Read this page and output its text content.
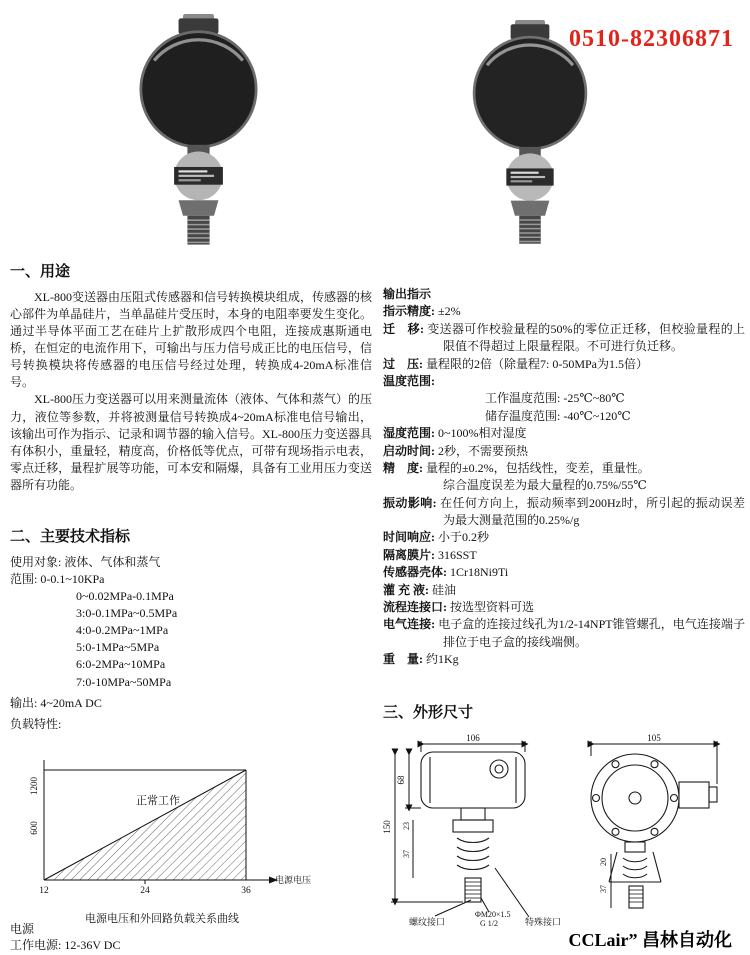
0510-82306871
一、用途

XL-800变送器由压阻式传感器和信号转换模块组成，传感器的核心部件为单晶硅片，当单晶硅片受压时，本身的电阻率要发生变化。通过半导体平面工艺在硅片上扩散形成四个电阻，连接成惠斯通电桥，在恒定的电流作用下，可输出与压力信号成正比的电压信号，信号转换模块将传感器的电压信号经过处理，转换成4-20mA标准信号。

XL-800压力变送器可以用来测量流体（液体、气体和蒸气）的压力，液位等参数，并将被测量信号转换成4~20mA标准电信号输出，该输出可作为指示、记录和调节器的输入信号。XL-800压力变送器具有体积小，重量轻，精度高，价格低等优点，可带有现场指示电表，零点迁移，量程扩展等功能，可本安和隔爆，具备有工业用压力变送器所有功能。

二、主要技术指标
使用对象: 液体、气体和蒸气
范围: 0-0.1~10KPa
0~0.02MPa-0.1MPa
3:0-0.1MPa~0.5MPa
4:0-0.2MPa~1MPa
5:0-1MPa~5MPa
6:0-2MPa~10MPa
7:0-10MPa~50MPa
输出: 4~20mA DC
负载特性:
1200
600
12	24	36
电源电压
正常工作
电源电压和外回路负载关系曲线
电源
工作电源: 12-36V DC
输出指示
指示精度: ±2%
迁　移: 变送器可作校验量程的50%的零位正迁移，但校验量程的上限值不得超过上限量程限。不可进行负迁移。
过　压: 量程限的2倍（除量程7: 0-50MPa为1.5倍）
温度范围:
工作温度范围: -25℃~80℃
储存温度范围: -40℃~120℃
湿度范围: 0~100%相对湿度
启动时间: 2秒，不需要预热
精　度: 量程的±0.2%，包括线性，变差，重量性。
综合温度误差为最大量程的0.75%/55℃
振动影响: 在任何方向上，振动频率到200Hz时，所引起的振动误差为最大测量范围的0.25%/g
时间响应: 小于0.2秒
隔离膜片: 316SST
传感器壳体: 1Cr18Ni9Ti
灌 充 液: 硅油
流程连接口: 按选型资料可选
电气连接: 电子盒的连接过线孔为1/2-14NPT锥管螺孔，电气连接端子排位于电子盒的接线端侧。
重　量: 约1Kg
三、外形尺寸
106
68
150 23
37
螺纹接口
ΦM20×1.5
G 1/2	特殊接口
105
20
37
CCLair” 昌林自动化
